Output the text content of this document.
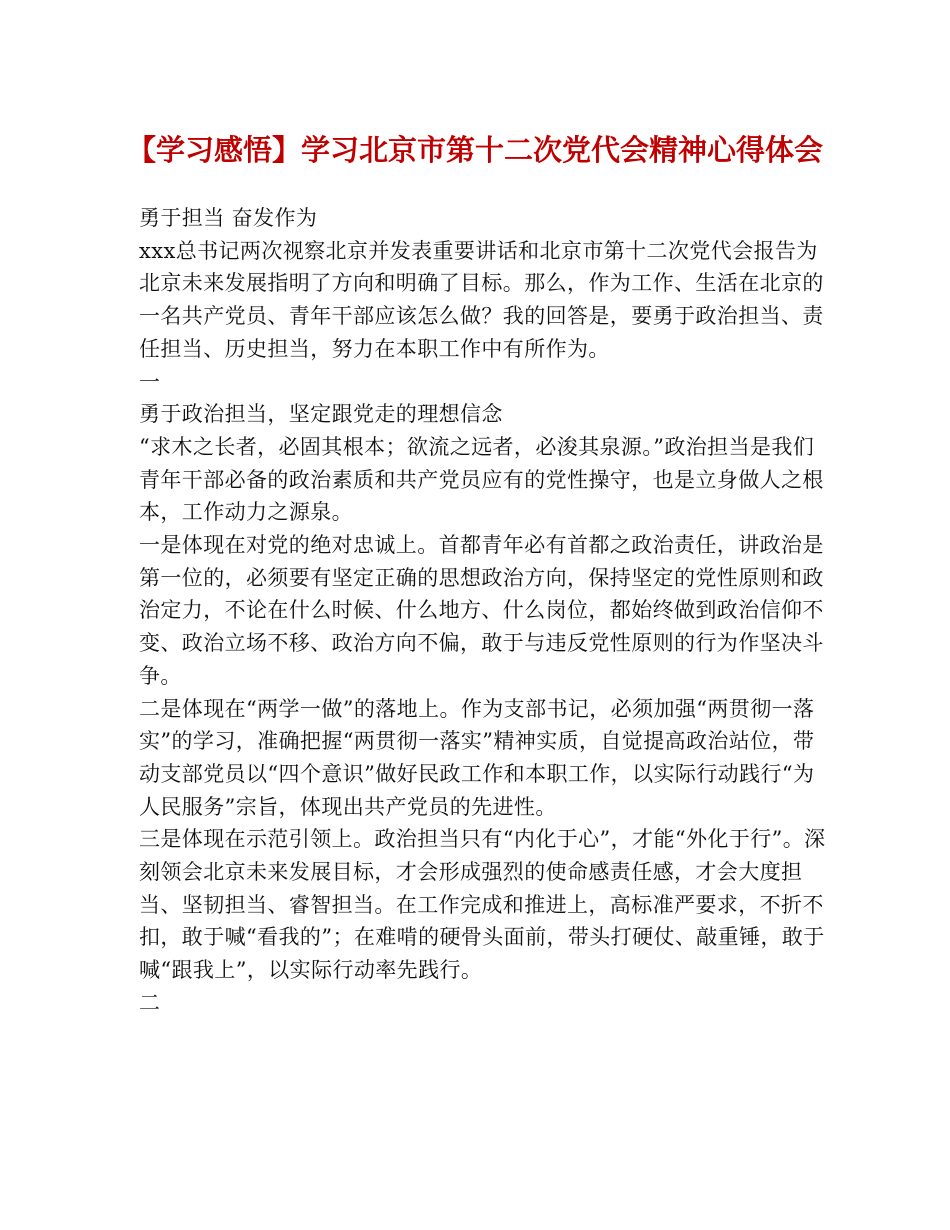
【学习感悟】学习北京市第十二次党代会精神心得体会

勇于担当 奋发作为

xxx总书记两次视察北京并发表重要讲话和北京市第十二次党代会报告为北京未来发展指明了方向和明确了目标。那么，作为工作、生活在北京的一名共产党员、青年干部应该怎么做？我的回答是，要勇于政治担当、责任担当、历史担当，努力在本职工作中有所作为。

一

勇于政治担当，坚定跟党走的理想信念

“求木之长者，必固其根本；欲流之远者，必浚其泉源。”政治担当是我们青年干部必备的政治素质和共产党员应有的党性操守，也是立身做人之根本，工作动力之源泉。

一是体现在对党的绝对忠诚上。首都青年必有首都之政治责任，讲政治是第一位的，必须要有坚定正确的思想政治方向，保持坚定的党性原则和政治定力，不论在什么时候、什么地方、什么岗位，都始终做到政治信仰不变、政治立场不移、政治方向不偏，敢于与违反党性原则的行为作坚决斗争。

二是体现在“两学一做”的落地上。作为支部书记，必须加强“两贯彻一落实”的学习，准确把握“两贯彻一落实”精神实质，自觉提高政治站位，带动支部党员以“四个意识”做好民政工作和本职工作，以实际行动践行“为人民服务”宗旨，体现出共产党员的先进性。

三是体现在示范引领上。政治担当只有“内化于心”，才能“外化于行”。深刻领会北京未来发展目标，才会形成强烈的使命感责任感，才会大度担当、坚韧担当、睿智担当。在工作完成和推进上，高标准严要求，不折不扣，敢于喊“看我的”；在难啃的硬骨头面前，带头打硬仗、敲重锤，敢于喊“跟我上”，以实际行动率先践行。

二
